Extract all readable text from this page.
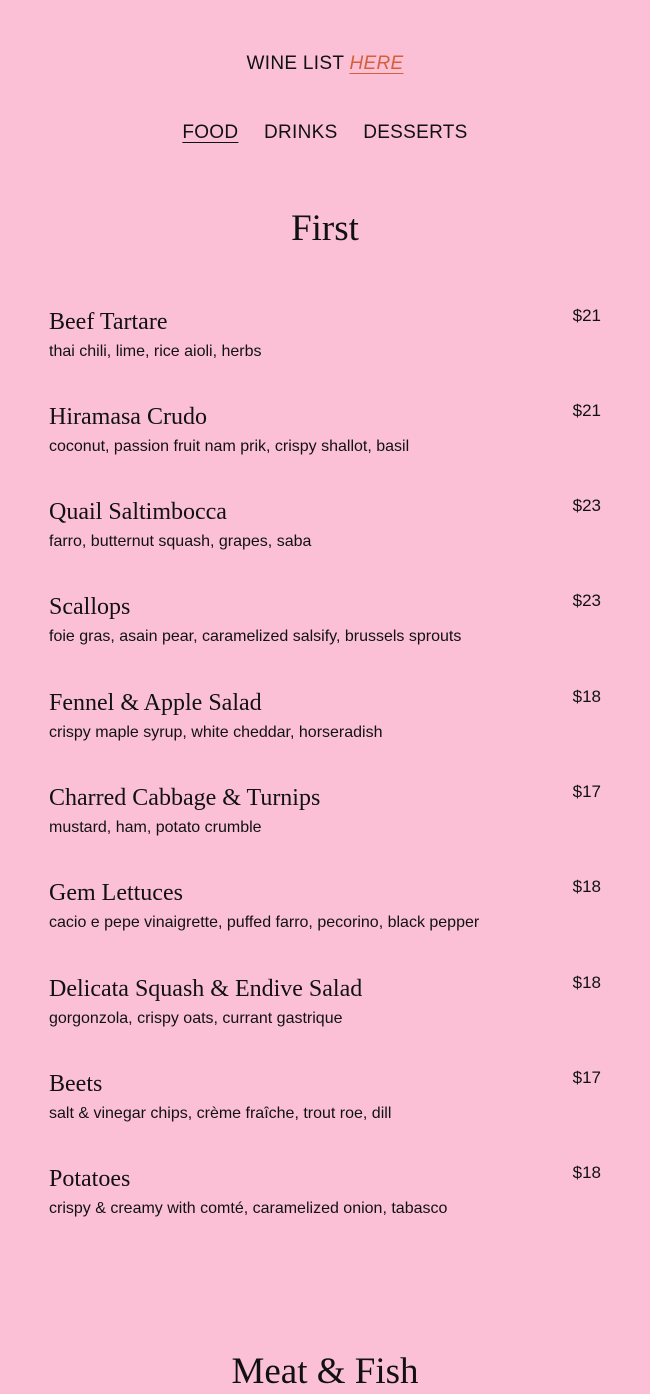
WINE LIST HERE
FOOD DRINKS DESSERTS
First
Beef Tartare
thai chili, lime, rice aioli, herbs
$21
Hiramasa Crudo
coconut, passion fruit nam prik, crispy shallot, basil
$21
Quail Saltimbocca
farro, butternut squash, grapes, saba
$23
Scallops
foie gras, asain pear, caramelized salsify, brussels sprouts
$23
Fennel & Apple Salad
crispy maple syrup, white cheddar, horseradish
$18
Charred Cabbage & Turnips
mustard, ham, potato crumble
$17
Gem Lettuces
cacio e pepe vinaigrette, puffed farro, pecorino, black pepper
$18
Delicata Squash & Endive Salad
gorgonzola, crispy oats, currant gastrique
$18
Beets
salt & vinegar chips, crème fraîche, trout roe, dill
$17
Potatoes
crispy & creamy with comté, caramelized onion, tabasco
$18
Meat & Fish
